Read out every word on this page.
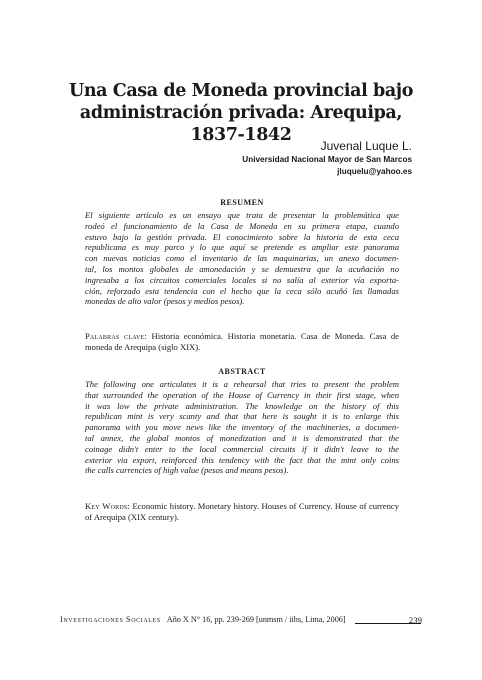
Una Casa de Moneda provincial bajo
administración privada: Arequipa, 1837-1842
Juvenal Luque L.
Universidad Nacional Mayor de San Marcos
jluquelu@yahoo.es
RESUMEN
El siguiente artículo es un ensayo que trata de presentar la problemática que
rodeó el funcionamiento de la Casa de Moneda en su primera etapa, cuando
estuvo bajo la gestión privada. El conocimiento sobre la historia de esta ceca
republicana es muy parco y lo que aquí se pretende es ampliar este panorama
con nuevas noticias como el inventario de las maquinarias, un anexo documen-
tal, los montos globales de amonedación y se demuestra que la acuñación no
ingresaba a los circuitos comerciales locales si no salía al exterior vía exporta-
ción, reforzado esta tendencia con el hecho que la ceca sólo acuñó las llamadas
monedas de alto valor (pesos y medios pesos).

Palabras clave: Historia económica. Historia monetaria. Casa de Moneda. Casa de moneda de Arequipa (siglo XIX).

ABSTRACT
The following one articulates it is a rehearsal that tries to present the problem
that surrounded the operation of the House of Currency in their first stage, when
it was low the private administration. The knowledge on the history of this
republican mint is very scanty and that that here is sought it is to enlarge this
panorama with you move news like the inventory of the machineries, a documen-
tal annex, the global montos of monedization and it is demonstrated that the
coinage didn't enter to the local commercial circuits if it didn't leave to the
exterior via export, reinforced this tendency with the fact that the mint only coins
the calls currencies of high value (pesos and means pesos).

Key Words: Economic history. Monetary history. Houses of Currency. House of currency of Arequipa (XIX century).

Investigaciones Sociales Año X N° 16, pp. 239-269 [unmsm / iihs, Lima, 2006]	239
